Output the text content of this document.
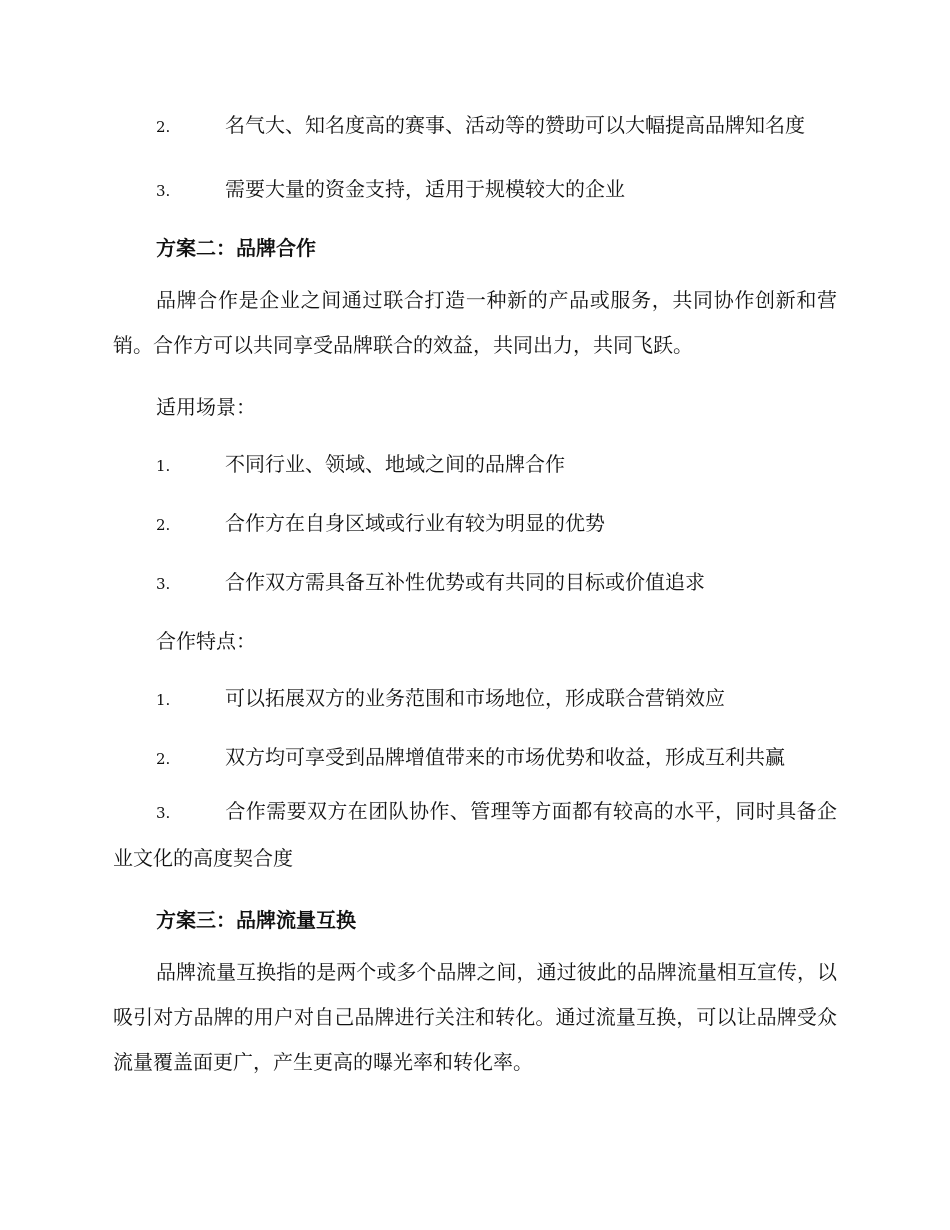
2.	名气大、知名度高的赛事、活动等的赞助可以大幅提高品牌知名度
3.	需要大量的资金支持，适用于规模较大的企业
方案二：品牌合作
品牌合作是企业之间通过联合打造一种新的产品或服务，共同协作创新和营销。合作方可以共同享受品牌联合的效益，共同出力，共同飞跃。
适用场景：
1.	不同行业、领域、地域之间的品牌合作
2.	合作方在自身区域或行业有较为明显的优势
3.	合作双方需具备互补性优势或有共同的目标或价值追求
合作特点：
1.	可以拓展双方的业务范围和市场地位，形成联合营销效应
2.	双方均可享受到品牌增值带来的市场优势和收益，形成互利共赢
3.	合作需要双方在团队协作、管理等方面都有较高的水平，同时具备企业文化的高度契合度
方案三：品牌流量互换
品牌流量互换指的是两个或多个品牌之间，通过彼此的品牌流量相互宣传，以吸引对方品牌的用户对自己品牌进行关注和转化。通过流量互换，可以让品牌受众流量覆盖面更广，产生更高的曝光率和转化率。
